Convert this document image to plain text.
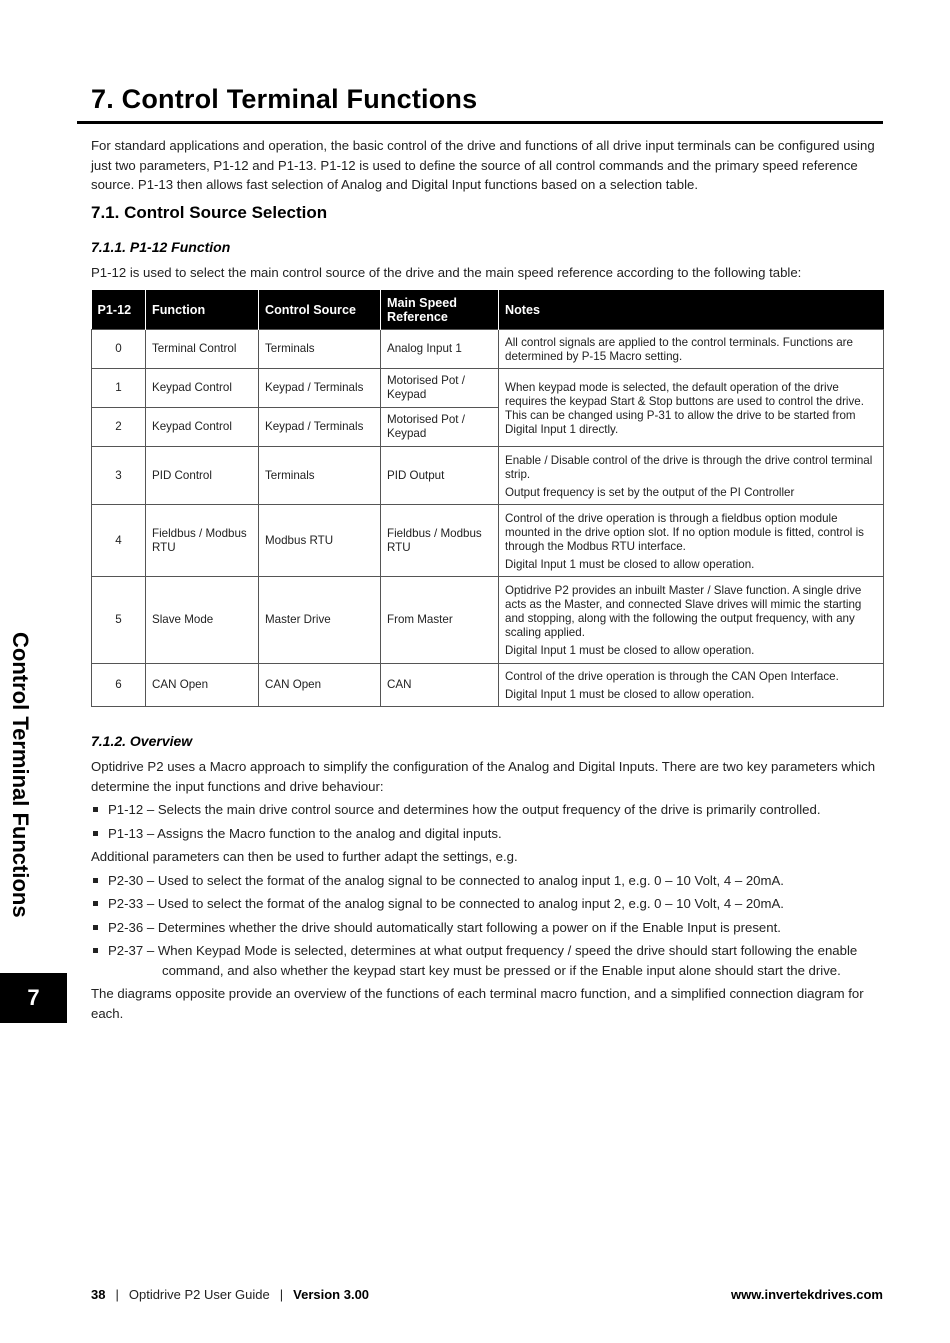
7. Control Terminal Functions
For standard applications and operation, the basic control of the drive and functions of all drive input terminals can be configured using just two parameters, P1-12 and P1-13. P1-12 is used to define the source of all control commands and the primary speed reference source. P1-13 then allows fast selection of Analog and Digital Input functions based on a selection table.
7.1. Control Source Selection
7.1.1. P1-12 Function
P1-12 is used to select the main control source of the drive and the main speed reference according to the following table:
P1-12	Function	Control Source	Main Speed Reference	Notes
0	Terminal Control	Terminals	Analog Input 1	All control signals are applied to the control terminals. Functions are determined by P-15 Macro setting.

1	Keypad Control	Keypad / Terminals	Motorised Pot / Keypad	When keypad mode is selected, the default operation of the drive requires the keypad Start & Stop buttons are used to control the drive. This can be changed using P-31 to allow the drive to be started from Digital Input 1 directly.

2	Keypad Control	Keypad / Terminals	Motorised Pot / Keypad	
3	PID Control	Terminals	PID Output	Enable / Disable control of the drive is through the drive control terminal strip.

Output frequency is set by the output of the PI Controller

4	Fieldbus / Modbus RTU	Modbus RTU	Fieldbus / Modbus RTU	Control of the drive operation is through a fieldbus option module mounted in the drive option slot. If no option module is fitted, control is through the Modbus RTU interface.

Digital Input 1 must be closed to allow operation.

5	Slave Mode	Master Drive	From Master	Optidrive P2 provides an inbuilt Master / Slave function. A single drive acts as the Master, and connected Slave drives will mimic the starting and stopping, along with the following the output frequency, with any scaling applied.

Digital Input 1 must be closed to allow operation.

6	CAN Open	CAN Open	CAN	Control of the drive operation is through the CAN Open Interface.

Digital Input 1 must be closed to allow operation.

7.1.2. Overview
Optidrive P2 uses a Macro approach to simplify the configuration of the Analog and Digital Inputs. There are two key parameters which determine the input functions and drive behaviour:
P1-12 – Selects the main drive control source and determines how the output frequency of the drive is primarily controlled.
P1-13 – Assigns the Macro function to the analog and digital inputs.
Additional parameters can then be used to further adapt the settings, e.g.
P2-30 – Used to select the format of the analog signal to be connected to analog input 1, e.g. 0 – 10 Volt, 4 – 20mA.
P2-33 – Used to select the format of the analog signal to be connected to analog input 2, e.g. 0 – 10 Volt, 4 – 20mA.
P2-36 – Determines whether the drive should automatically start following a power on if the Enable Input is present.
P2-37 – When Keypad Mode is selected, determines at what output frequency / speed the drive should start following the enable
command, and also whether the keypad start key must be pressed or if the Enable input alone should start the drive.
The diagrams opposite provide an overview of the functions of each terminal macro function, and a simplified connection diagram for each.
Control Terminal Functions
7
38 | Optidrive P2 User Guide | Version 3.00	www.invertekdrives.com
